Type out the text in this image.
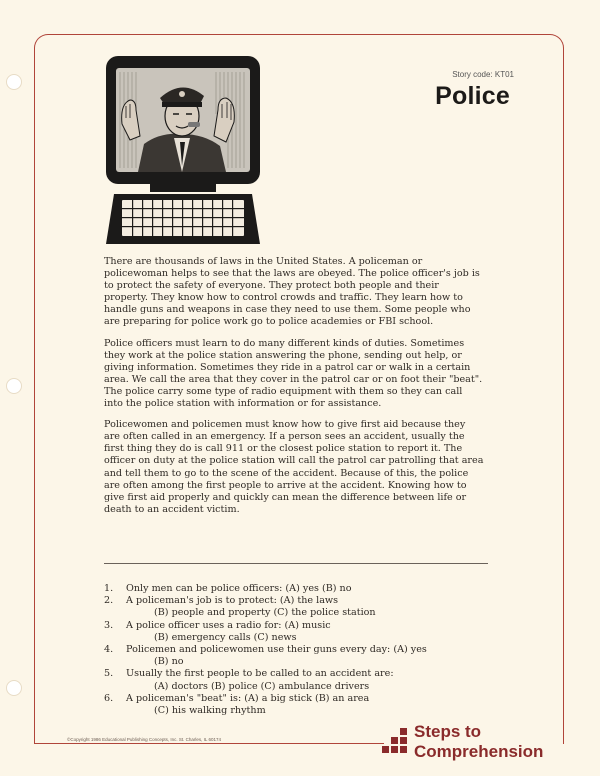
Story code: KT01
Police

There are thousands of laws in the United States. A policeman or policewoman helps to see that the laws are obeyed. The police officer's job is to protect the safety of everyone. They protect both people and their property. They know how to control crowds and traffic. They learn how to handle guns and weapons in case they need to use them. Some people who are preparing for police work go to police academies or FBI school.

Police officers must learn to do many different kinds of duties. Sometimes they work at the police station answering the phone, sending out help, or giving information. Sometimes they ride in a patrol car or walk in a certain area. We call the area that they cover in the patrol car or on foot their "beat". The police carry some type of radio equipment with them so they can call into the police station with information or for assistance.

Policewomen and policemen must know how to give first aid because they are often called in an emergency. If a person sees an accident, usually the first thing they do is call 911 or the closest police station to report it. The officer on duty at the police station will call the patrol car patrolling that area and tell them to go to the scene of the accident. Because of this, the police are often among the first people to arrive at the accident. Knowing how to give first aid properly and quickly can mean the difference between life or death to an accident victim.

1.	Only men can be police officers: (A) yes (B) no
2.	A policeman's job is to protect: (A) the laws
(B) people and property (C) the police station
3.	A police officer uses a radio for: (A) music
(B) emergency calls (C) news
4.	Policemen and policewomen use their guns every day: (A) yes
(B) no
5.	Usually the first people to be called to an accident are:
(A) doctors (B) police (C) ambulance drivers
6.	A policeman's "beat" is: (A) a big stick (B) an area
(C) his walking rhythm
©Copyright 1986 Educational Publishing Concepts, Inc. St. Charles, IL 60174	Steps to
Comprehension
